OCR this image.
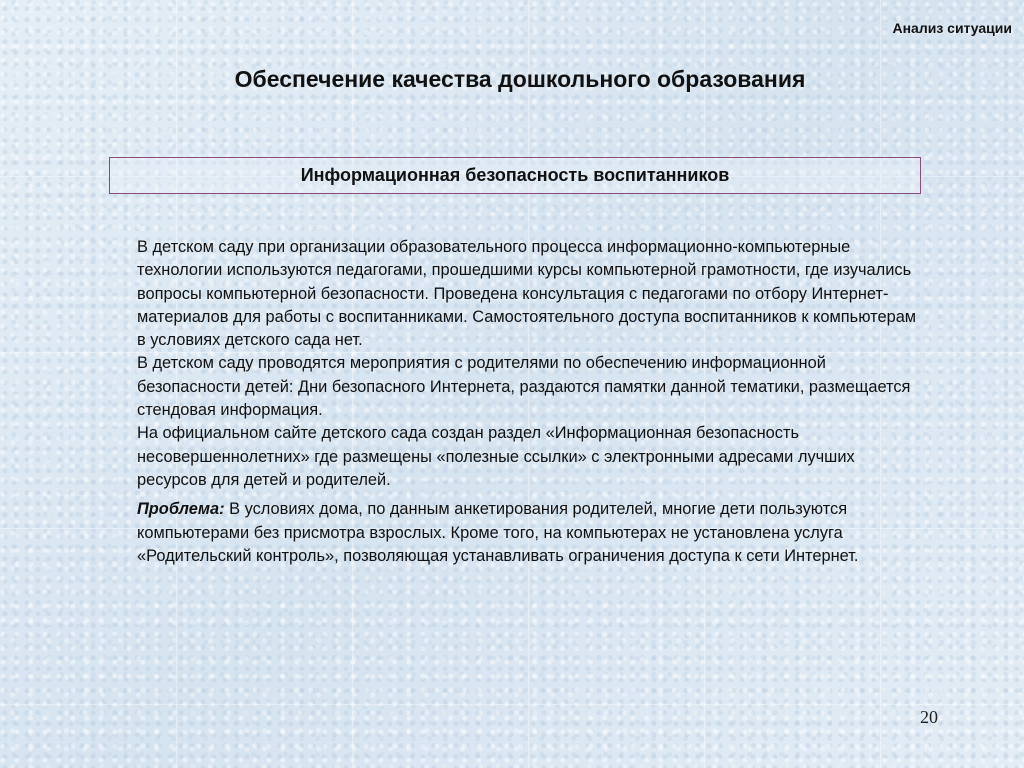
Анализ ситуации
Обеспечение качества дошкольного образования
Информационная безопасность воспитанников

В детском саду при организации образовательного процесса информационно-компьютерные технологии используются педагогами, прошедшими курсы компьютерной грамотности, где изучались вопросы компьютерной безопасности. Проведена консультация с педагогами по отбору Интернет- материалов для работы с воспитанниками. Самостоятельного доступа воспитанников к компьютерам в условиях детского сада нет.

В детском саду проводятся мероприятия с родителями по обеспечению информационной безопасности детей: Дни безопасного Интернета, раздаются памятки данной тематики, размещается стендовая информация.

На официальном сайте детского сада создан раздел «Информационная безопасность несовершеннолетних» где размещены «полезные ссылки» с электронными адресами лучших ресурсов для детей и родителей.

Проблема: В условиях дома, по данным анкетирования родителей, многие дети пользуются компьютерами без присмотра взрослых. Кроме того, на компьютерах не установлена услуга «Родительский контроль», позволяющая устанавливать ограничения доступа к сети Интернет.

20
